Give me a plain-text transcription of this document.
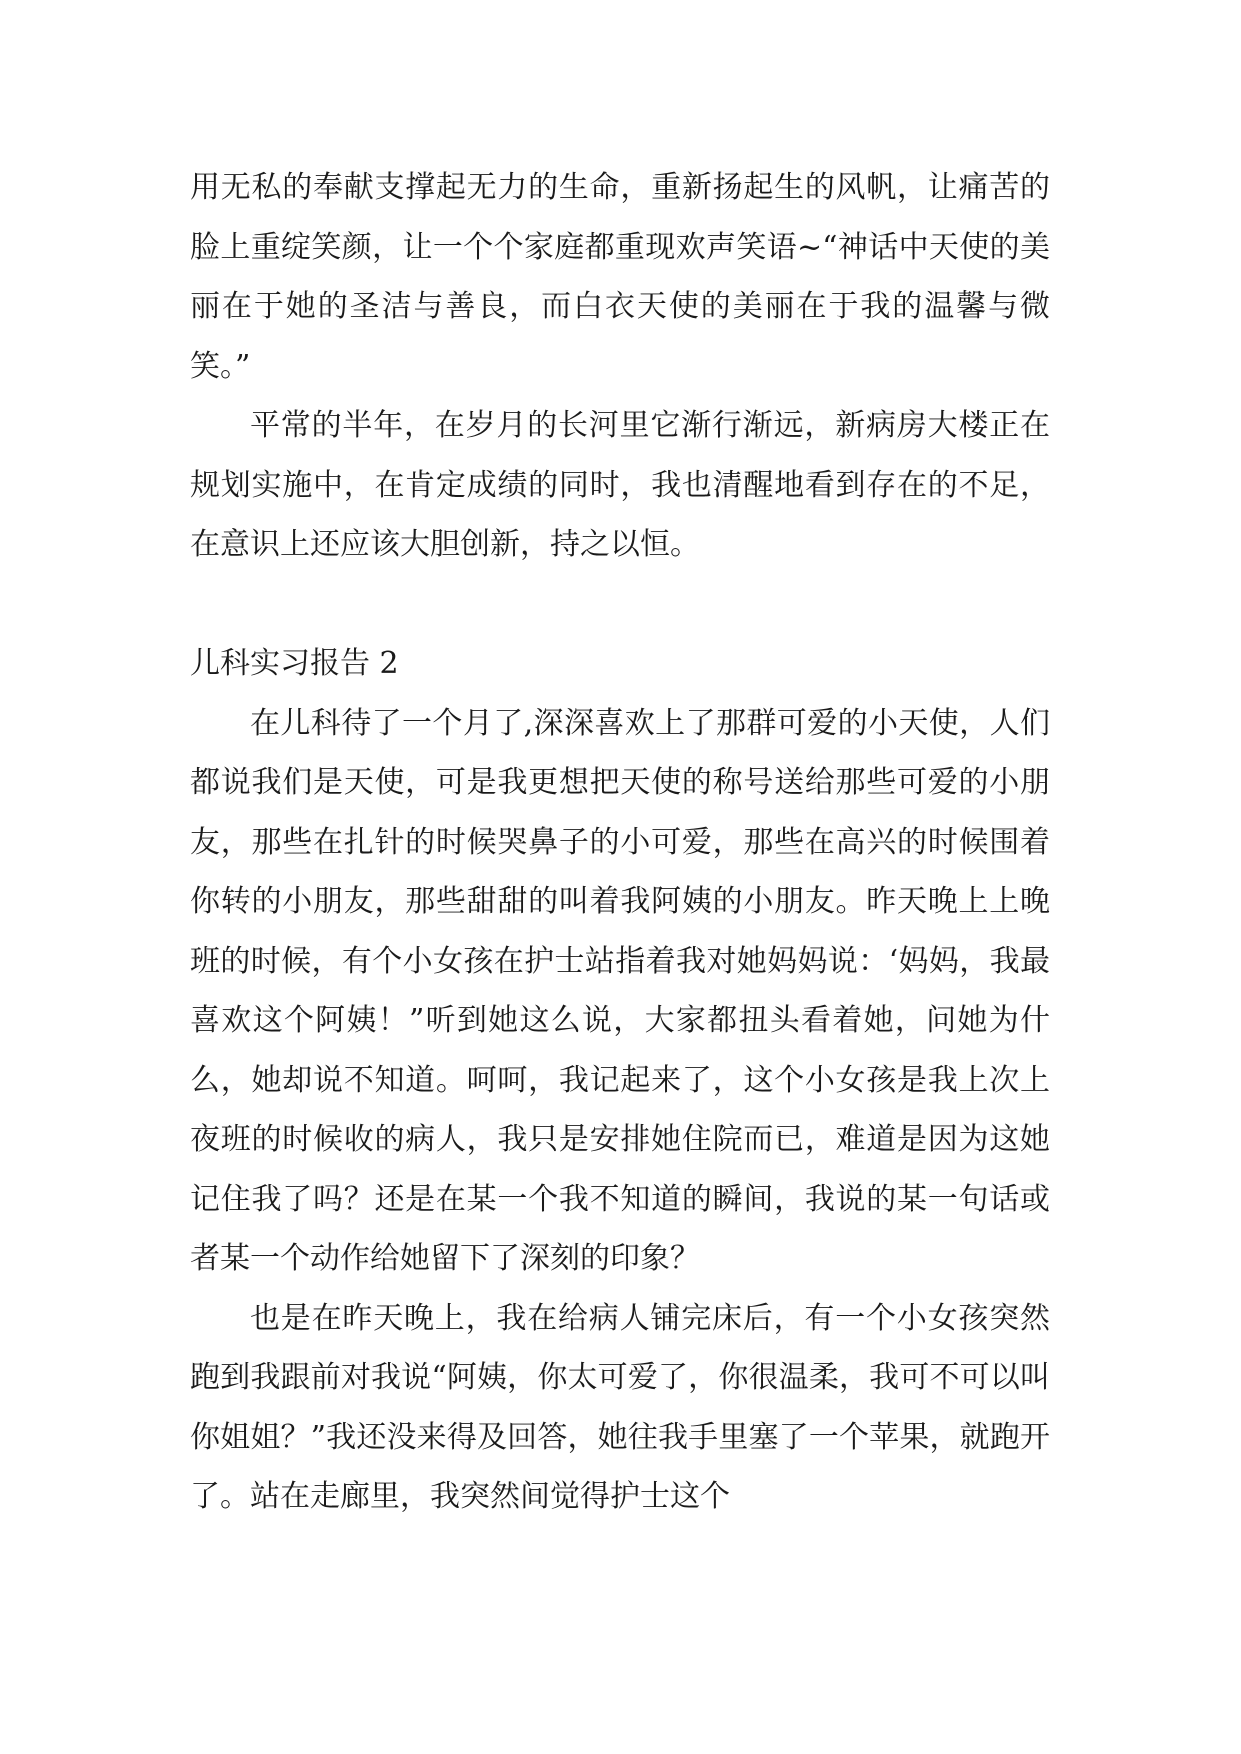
用无私的奉献支撑起无力的生命，重新扬起生的风帆，让痛苦的脸上重绽笑颜，让一个个家庭都重现欢声笑语~“神话中天使的美丽在于她的圣洁与善良，而白衣天使的美丽在于我的温馨与微笑。”

平常的半年，在岁月的长河里它渐行渐远，新病房大楼正在规划实施中，在肯定成绩的同时，我也清醒地看到存在的不足，在意识上还应该大胆创新，持之以恒。

儿科实习报告 2

在儿科待了一个月了,深深喜欢上了那群可爱的小天使，人们都说我们是天使，可是我更想把天使的称号送给那些可爱的小朋友，那些在扎针的时候哭鼻子的小可爱，那些在高兴的时候围着你转的小朋友，那些甜甜的叫着我阿姨的小朋友。昨天晚上上晚班的时候，有个小女孩在护士站指着我对她妈妈说：‘妈妈，我最喜欢这个阿姨！”听到她这么说，大家都扭头看着她，问她为什么，她却说不知道。呵呵，我记起来了，这个小女孩是我上次上夜班的时候收的病人，我只是安排她住院而已，难道是因为这她记住我了吗？还是在某一个我不知道的瞬间，我说的某一句话或者某一个动作给她留下了深刻的印象？

也是在昨天晚上，我在给病人铺完床后，有一个小女孩突然跑到我跟前对我说“阿姨，你太可爱了，你很温柔，我可不可以叫你姐姐？”我还没来得及回答，她往我手里塞了一个苹果，就跑开了。站在走廊里，我突然间觉得护士这个
